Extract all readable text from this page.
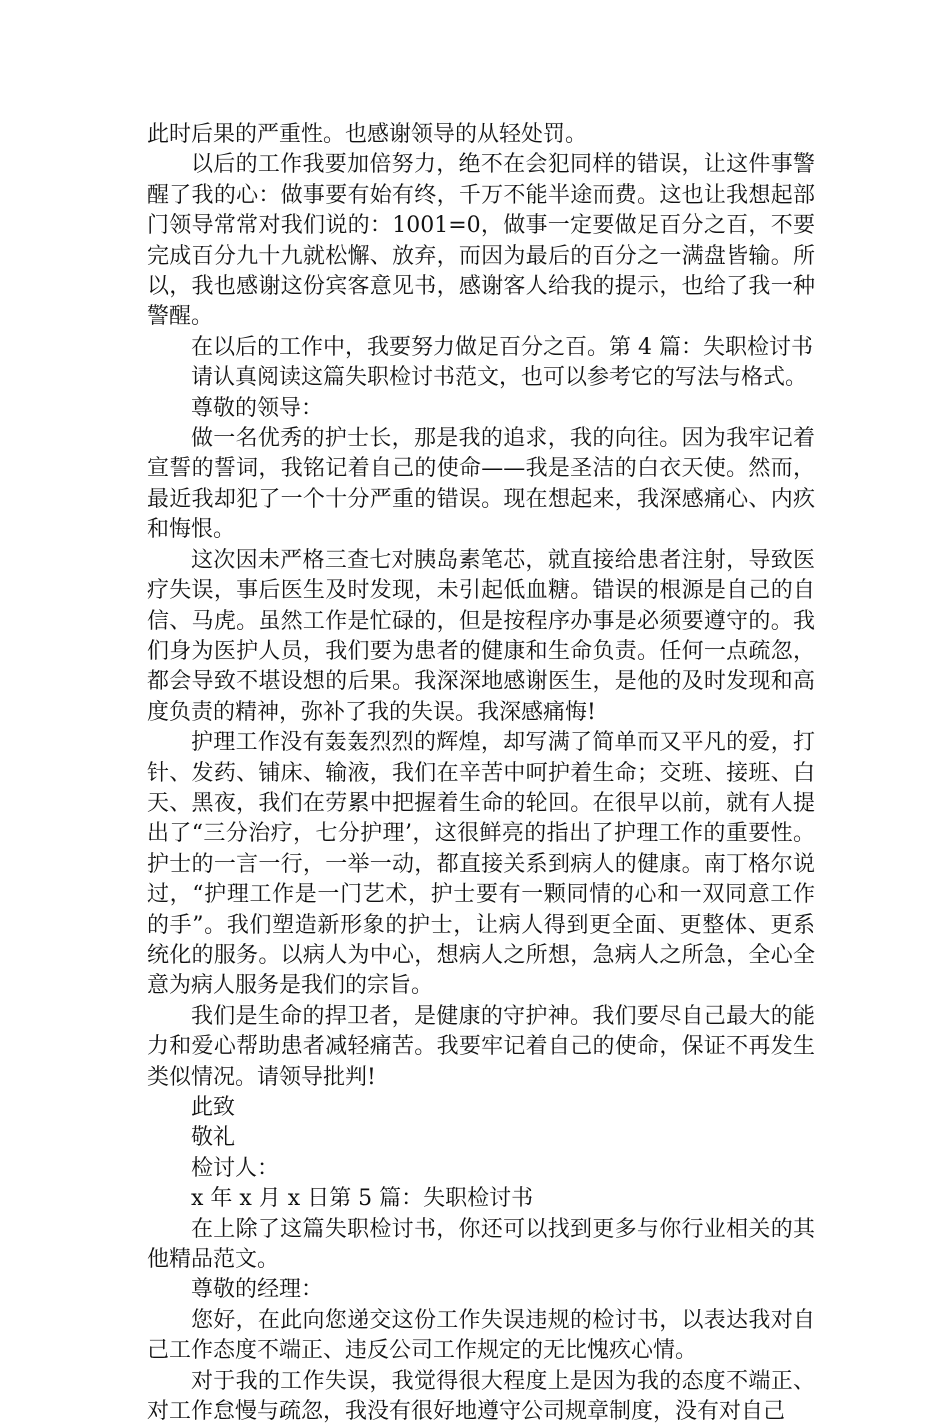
此时后果的严重性。也感谢领导的从轻处罚。

以后的工作我要加倍努力，绝不在会犯同样的错误，让这件事警醒了我的心：做事要有始有终，千万不能半途而费。这也让我想起部门领导常常对我们说的：1001=0，做事一定要做足百分之百，不要完成百分九十九就松懈、放弃，而因为最后的百分之一满盘皆输。所以，我也感谢这份宾客意见书，感谢客人给我的提示，也给了我一种警醒。

在以后的工作中，我要努力做足百分之百。第 4 篇：失职检讨书

请认真阅读这篇失职检讨书范文，也可以参考它的写法与格式。

尊敬的领导：

做一名优秀的护士长，那是我的追求，我的向往。因为我牢记着宣誓的誓词，我铭记着自己的使命——我是圣洁的白衣天使。然而，最近我却犯了一个十分严重的错误。现在想起来，我深感痛心、内疚和悔恨。

这次因未严格三查七对胰岛素笔芯，就直接给患者注射，导致医疗失误，事后医生及时发现，未引起低血糖。错误的根源是自己的自信、马虎。虽然工作是忙碌的，但是按程序办事是必须要遵守的。我们身为医护人员，我们要为患者的健康和生命负责。任何一点疏忽，都会导致不堪设想的后果。我深深地感谢医生，是他的及时发现和高度负责的精神，弥补了我的失误。我深感痛悔!

护理工作没有轰轰烈烈的辉煌，却写满了简单而又平凡的爱，打针、发药、铺床、输液，我们在辛苦中呵护着生命；交班、接班、白天、黑夜，我们在劳累中把握着生命的轮回。在很早以前，就有人提出了“三分治疗，七分护理’，这很鲜亮的指出了护理工作的重要性。护士的一言一行，一举一动，都直接关系到病人的健康。南丁格尔说过，“护理工作是一门艺术，护士要有一颗同情的心和一双同意工作的手”。我们塑造新形象的护士，让病人得到更全面、更整体、更系统化的服务。以病人为中心，想病人之所想，急病人之所急，全心全意为病人服务是我们的宗旨。

我们是生命的捍卫者，是健康的守护神。我们要尽自己最大的能力和爱心帮助患者减轻痛苦。我要牢记着自己的使命，保证不再发生类似情况。请领导批判!

此致

敬礼

检讨人：

x 年 x 月 x 日第 5 篇：失职检讨书

在上除了这篇失职检讨书，你还可以找到更多与你行业相关的其他精品范文。

尊敬的经理：

您好，在此向您递交这份工作失误违规的检讨书，以表达我对自己工作态度不端正、违反公司工作规定的无比愧疚心情。

对于我的工作失误，我觉得很大程度上是因为我的态度不端正、对工作怠慢与疏忽，我没有很好地遵守公司规章制度，没有对自己
